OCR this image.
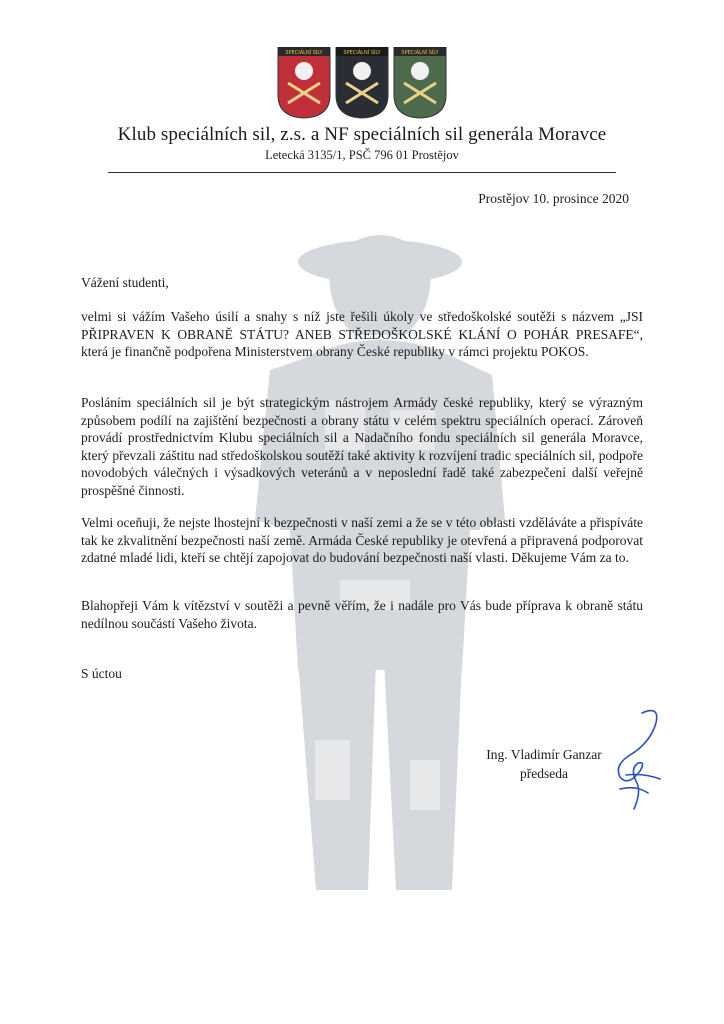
SPECIÁLNÍ SÍLY	SPECIÁLNÍ SÍLY	SPECIÁLNÍ SÍLY
Klub speciálních sil, z.s. a NF speciálních sil generála Moravce
Letecká 3135/1, PSČ 796 01 Prostějov
Prostějov 10. prosince 2020
Vážení studenti,
velmi si vážím Vašeho úsilí a snahy s níž jste řešili úkoly ve středoškolské soutěži s názvem „JSI PŘIPRAVEN K OBRANĚ STÁTU? ANEB STŘEDOŠKOLSKÉ KLÁNÍ O POHÁR PRESAFE“, která je finančně podpořena Ministerstvem obrany České republiky v rámci projektu POKOS.
Posláním speciálních sil je být strategickým nástrojem Armády české republiky, který se výrazným způsobem podílí na zajištění bezpečnosti a obrany státu v celém spektru speciálních operací. Zároveň provádí prostřednictvím Klubu speciálních sil a Nadačního fondu speciálních sil generála Moravce, který převzali záštitu nad středoškolskou soutěží také aktivity k rozvíjení tradic speciálních sil, podpoře novodobých válečných i výsadkových veteránů a v neposlední řadě také zabezpečení další veřejně prospěšné činnosti.
Velmi oceňuji, že nejste lhostejní k bezpečnosti v naší zemi a že se v této oblasti vzděláváte a přispíváte tak ke zkvalitnění bezpečnosti naší země. Armáda České republiky je otevřená a připravená podporovat zdatné mladé lidi, kteří se chtějí zapojovat do budování bezpečnosti naší vlasti. Děkujeme Vám za to.
Blahopřeji Vám k vítězství v soutěži a pevně věřím, že i nadále pro Vás bude příprava k obraně státu nedílnou součástí Vašeho života.
S úctou
Ing. Vladimír Ganzar
předseda
